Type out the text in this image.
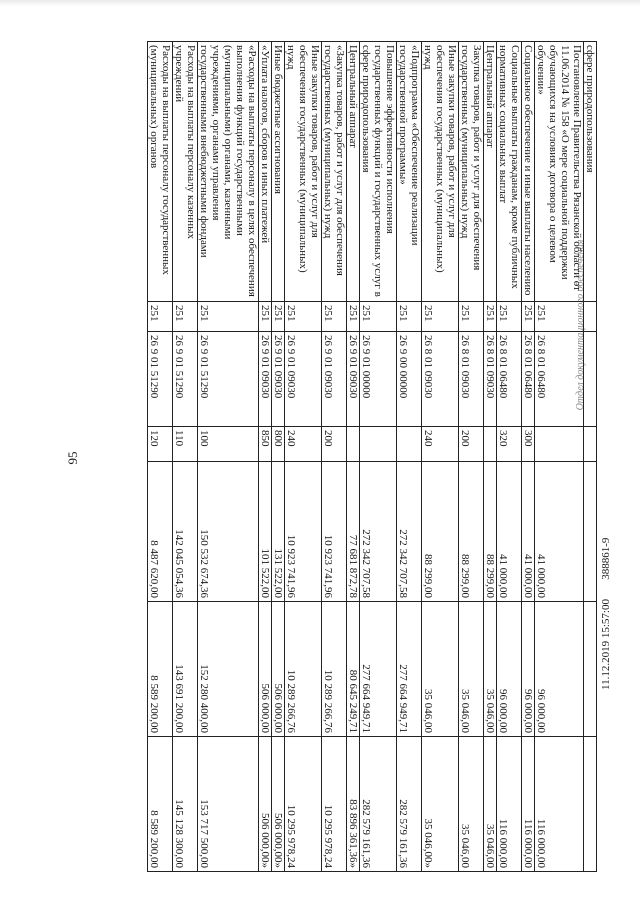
95
Отдел документационного обеспечения
11.12.2019 15:57:00       388861-9
сфере природопользования						
Постановление Правительства Рязанской области от 11.06.2014 № 158 «О мере социальной поддержки обучающихся на условиях договора о целевом обучении»	251	26 8 01 06480		41 000,00	96 000,00	116 000,00
Социальное обеспечение и иные выплаты населению	251	26 8 01 06480	300	41 000,00	96 000,00	116 000,00
Социальные выплаты гражданам, кроме публичных нормативных социальных выплат	251	26 8 01 06480	320	41 000,00	96 000,00	116 000,00
Центральный аппарат	251	26 8 01 09030		88 299,00	35 046,00	35 046,00
Закупка товаров, работ и услуг для обеспечения государственных (муниципальных) нужд	251	26 8 01 09030	200	88 299,00	35 046,00	35 046,00
Иные закупки товаров, работ и услуг для обеспечения государственных (муниципальных) нужд	251	26 8 01 09030	240	88 299,00	35 046,00	35 046,00»
«Подпрограмма «Обеспечение реализации государственной программы»	251	26 9 00 00000		272 342 707,58	277 664 949,71	282 579 161,36
Повышение эффективности исполнения государственных функций и государственных услуг в сфере природопользования	251	26 9 01 00000		272 342 707,58	277 664 949,71	282 579 161,36
Центральный аппарат	251	26 9 01 09030		77 681 872,78	80 645 249,71	83 896 361,36»
«Закупка товаров, работ и услуг для обеспечения государственных (муниципальных) нужд	251	26 9 01 09030	200	10 923 741,96	10 289 266,76	10 295 978,24
Иные закупки товаров, работ и услуг для обеспечения государственных (муниципальных) нужд	251	26 9 01 09030	240	10 923 741,96	10 289 266,76	10 295 978,24
Иные бюджетные ассигнования	251	26 9 01 09030	800	131 522,00	506 000,00	506 000,00»
«Уплата налогов, сборов и иных платежей	251	26 9 01 09030	850	101 522,00	506 000,00	506 000,00»
«Расходы на выплаты персоналу в целях обеспечения выполнения функций государственными (муниципальными) органами, казенными учреждениями, органами управления государственными внебюджетными фондами	251	26 9 01 51290	100	150 532 674,36	152 280 400,00	153 717 500,00
Расходы на выплаты персоналу казенных учреждений	251	26 9 01 51290	110	142 045 054,36	143 691 200,00	145 128 300,00
Расходы на выплаты персоналу государственных (муниципальных) органов	251	26 9 01 51290	120	8 487 620,00	8 589 200,00	8 589 200,00
